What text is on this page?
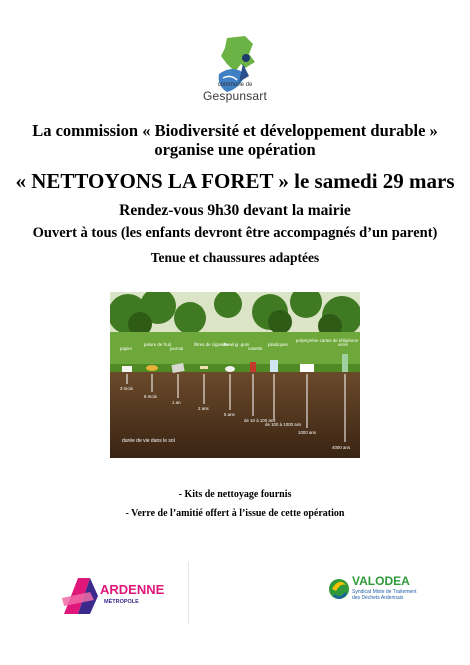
commune de
Gespunsart
La commission « Biodiversité et développement durable »
organise une opération
« NETTOYONS LA FORET » le samedi 29 mars
Rendez-vous 9h30 devant la mairie
Ouvert à tous (les enfants devront être accompagnés d’un parent)
Tenue et chaussures adaptées
papier
pelure de fruit
journal
filtres de cigarette
chewing -gum
canette
plastiques
polystyrène cartes de téléphone
verre
3 mois
6 mois
1 an
2 ans
5 ans
de 10 à 100 ans
de 100 à 1000 ans
1000 ans
4000 ans
durée de vie dans le sol
- Kits de nettoyage fournis
- Verre de l’amitié offert à l’issue de cette opération
ARDENNE
MÉTROPOLE
VALODEA
Syndicat Mixte de Traitement
des Déchets Ardennais
